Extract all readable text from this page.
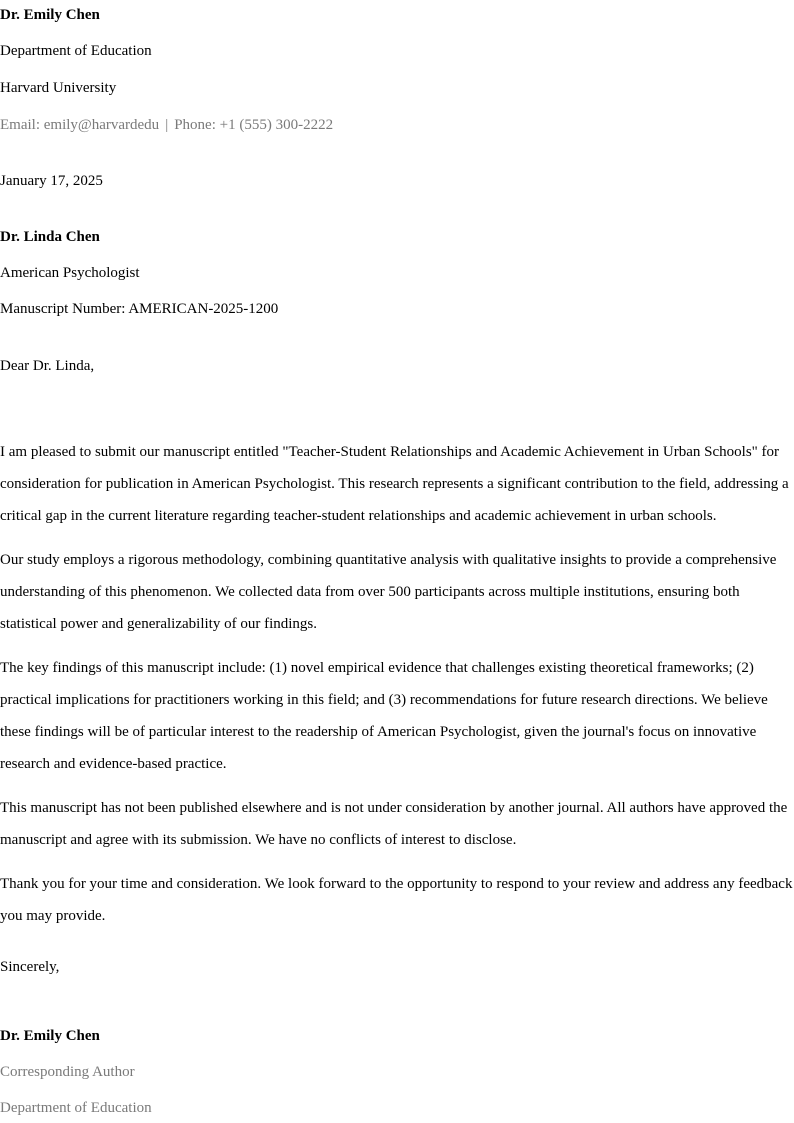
Dr. Emily Chen
Department of Education
Harvard University
Email: emily@harvardedu | Phone: +1 (555) 300-2222
January 17, 2025
Dr. Linda Chen
American Psychologist
Manuscript Number: AMERICAN-2025-1200
Dear Dr. Linda,

I am pleased to submit our manuscript entitled "Teacher-Student Relationships and Academic Achievement in Urban Schools" for consideration for publication in American Psychologist. This research represents a significant contribution to the field, addressing a critical gap in the current literature regarding teacher-student relationships and academic achievement in urban schools.

Our study employs a rigorous methodology, combining quantitative analysis with qualitative insights to provide a comprehensive understanding of this phenomenon. We collected data from over 500 participants across multiple institutions, ensuring both statistical power and generalizability of our findings.

The key findings of this manuscript include: (1) novel empirical evidence that challenges existing theoretical frameworks; (2) practical implications for practitioners working in this field; and (3) recommendations for future research directions. We believe these findings will be of particular interest to the readership of American Psychologist, given the journal's focus on innovative research and evidence-based practice.

This manuscript has not been published elsewhere and is not under consideration by another journal. All authors have approved the manuscript and agree with its submission. We have no conflicts of interest to disclose.

Thank you for your time and consideration. We look forward to the opportunity to respond to your review and address any feedback you may provide.

Sincerely,
Dr. Emily Chen
Corresponding Author
Department of Education
